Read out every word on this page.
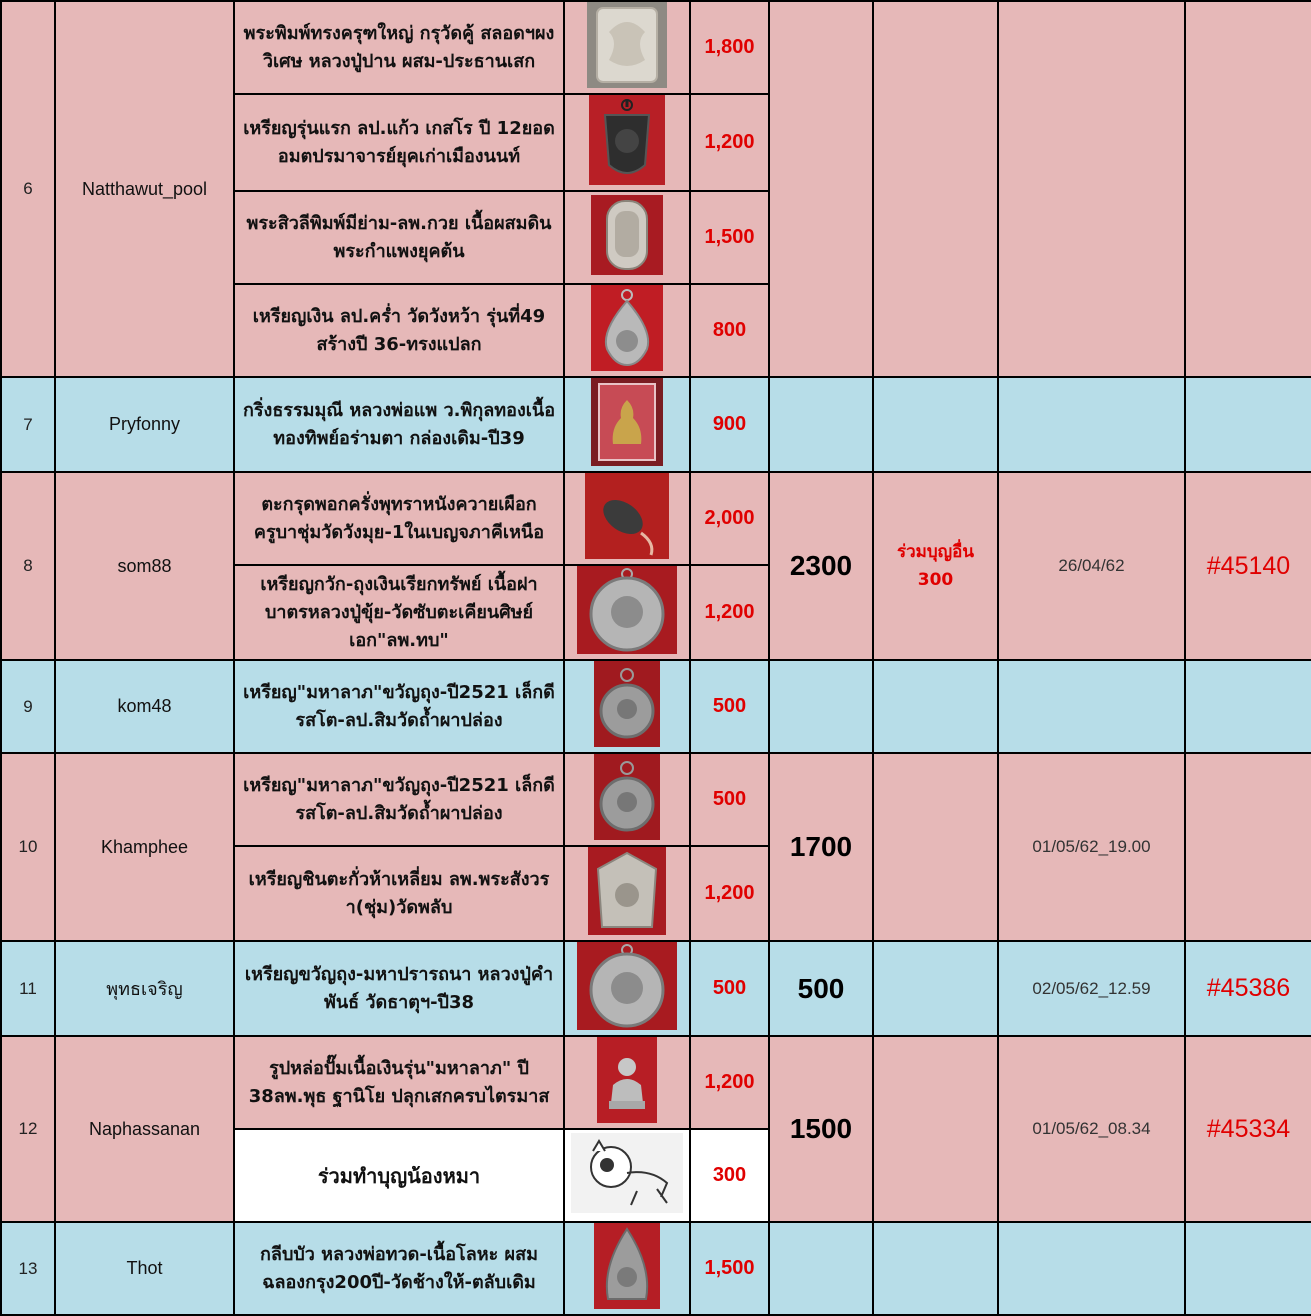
6	Natthawut_pool	พระพิมพ์ทรงครุฑใหญ่ กรุวัดคู้ สลอดฯผงวิเศษ หลวงปู่ปาน ผสม-ประธานเสก		1,800				
		เหรียญรุ่นแรก ลป.แก้ว เกสโร ปี 12ยอดอมตปรมาจารย์ยุคเก่าเมืองนนท์		1,200				
		พระสิวลีพิมพ์มีย่าม-ลพ.กวย เนื้อผสมดินพระกำแพงยุคต้น		1,500				
		เหรียญเงิน ลป.คร่ำ วัดวังหว้า รุ่นที่49 สร้างปี 36-ทรงแปลก		800				
7	Pryfonny	กริ่งธรรมมุณี หลวงพ่อแพ ว.พิกุลทองเนื้อทองทิพย์อร่ามตา กล่องเดิม-ปี39		900				
8	som88	ตะกรุดพอกครั่งพุทราหนังควายเผือกครูบาชุ่มวัดวังมุย-1ในเบญจภาคีเหนือ		2,000	2300	ร่วมบุญอื่น 300	26/04/62	#45140
		เหรียญกวัก-ถุงเงินเรียกทรัพย์ เนื้อฝาบาตรหลวงปู่ขุ้ย-วัดซับตะเคียนศิษย์เอก"ลพ.ทบ"		1,200				
9	kom48	เหรียญ"มหาลาภ"ขวัญถุง-ปี2521 เล็กดีรสโต-ลป.สิมวัดถ้ำผาปล่อง		500				
10	Khamphee	เหรียญ"มหาลาภ"ขวัญถุง-ปี2521 เล็กดีรสโต-ลป.สิมวัดถ้ำผาปล่อง		500	1700		01/05/62_19.00	
		เหรียญชินตะกั่วห้าเหลี่ยม ลพ.พระสังวรา(ชุ่ม)วัดพลับ		1,200				
11	พุทธเจริญ	เหรียญขวัญถุง-มหาปรารถนา หลวงปู่คำพันธ์ วัดธาตุฯ-ปี38		500	500		02/05/62_12.59	#45386
12	Naphassanan	รูปหล่อปั๊มเนื้อเงินรุ่น"มหาลาภ" ปี 38ลพ.พุธ ฐานิโย ปลุกเสกครบไตรมาส		1,200	1500		01/05/62_08.34	#45334
		ร่วมทำบุญน้องหมา		300				
13	Thot	กลีบบัว หลวงพ่อทวด-เนื้อโลหะ ผสมฉลองกรุง200ปี-วัดช้างให้-ตลับเดิม		1,500				
